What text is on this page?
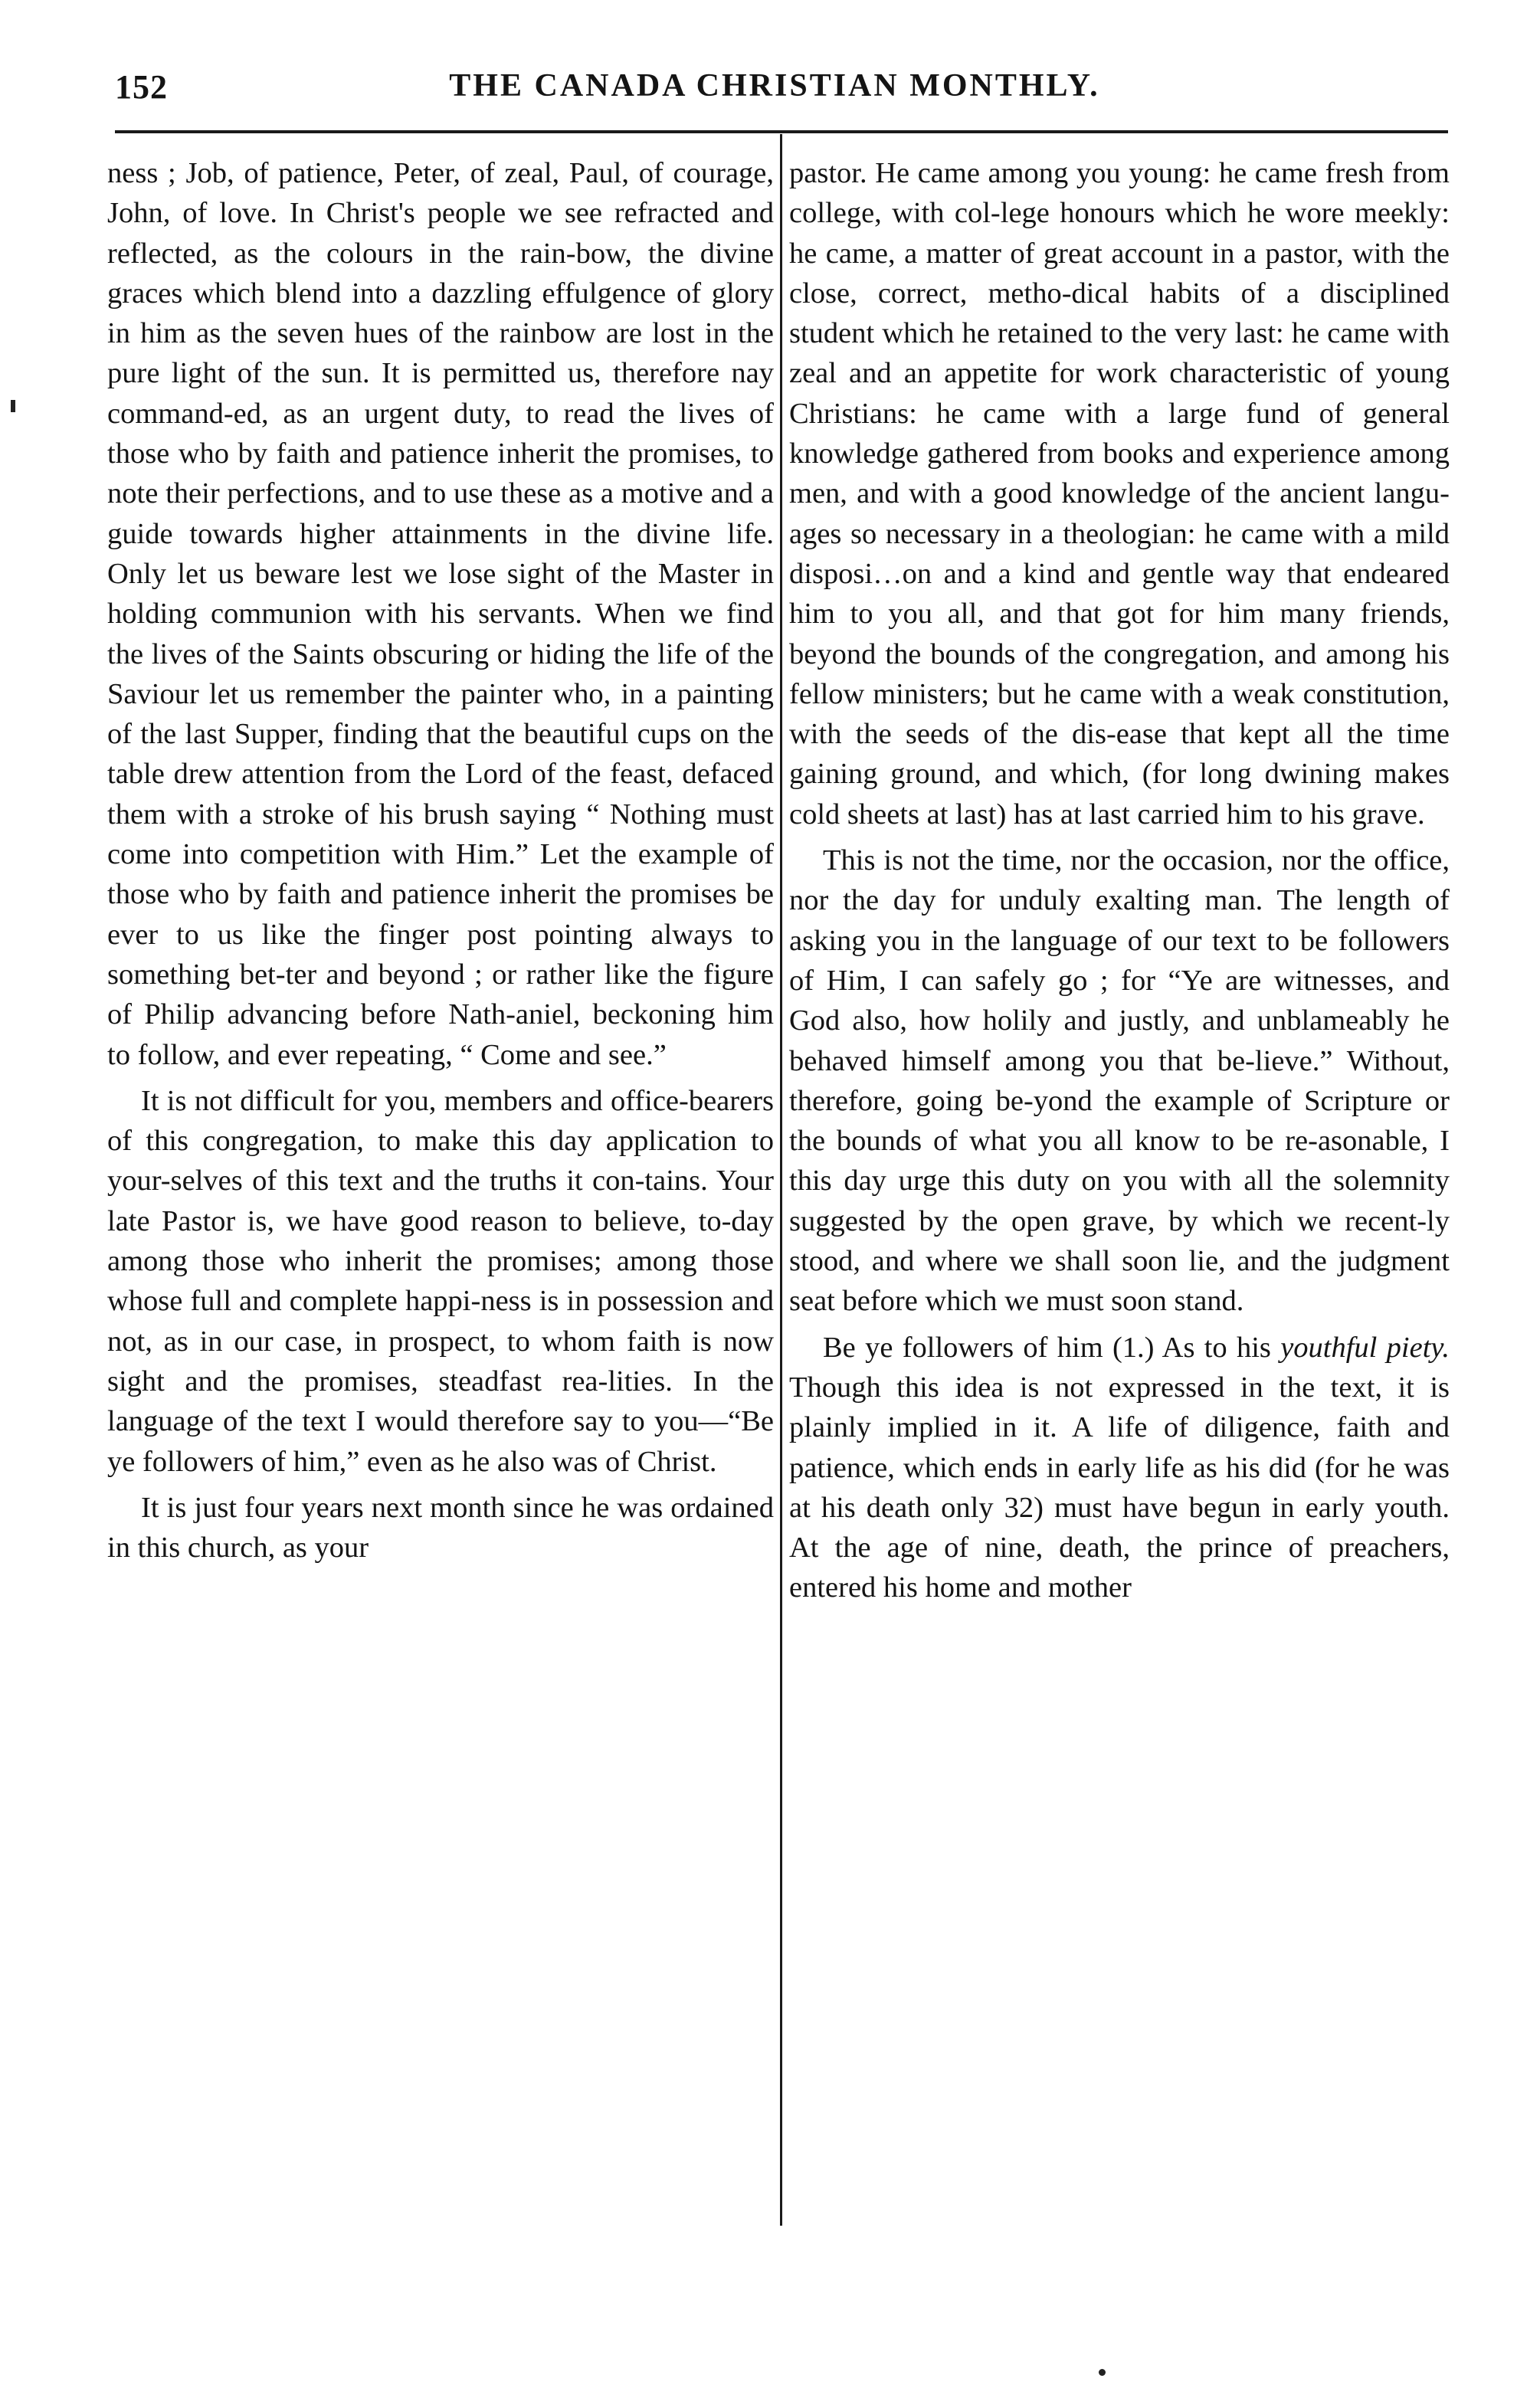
152	THE CANADA CHRISTIAN MONTHLY.

ness ; Job, of patience, Peter, of zeal, Paul, of courage, John, of love. In Christ's people we see refracted and reflected, as the colours in the rain-bow, the divine graces which blend into a dazzling effulgence of glory in him as the seven hues of the rainbow are lost in the pure light of the sun. It is permitted us, therefore nay command-ed, as an urgent duty, to read the lives of those who by faith and patience inherit the promises, to note their perfections, and to use these as a motive and a guide towards higher attainments in the divine life. Only let us beware lest we lose sight of the Master in holding communion with his servants. When we find the lives of the Saints obscuring or hiding the life of the Saviour let us remember the painter who, in a painting of the last Supper, finding that the beautiful cups on the table drew attention from the Lord of the feast, defaced them with a stroke of his brush saying “ Nothing must come into competition with Him.” Let the example of those who by faith and patience inherit the promises be ever to us like the finger post pointing always to something bet-ter and beyond ; or rather like the figure of Philip advancing before Nath-aniel, beckoning him to follow, and ever repeating, “ Come and see.”

It is not difficult for you, members and office-bearers of this congregation, to make this day application to your-selves of this text and the truths it con-tains. Your late Pastor is, we have good reason to believe, to-day among those who inherit the promises; among those whose full and complete happi-ness is in possession and not, as in our case, in prospect, to whom faith is now sight and the promises, steadfast rea-lities. In the language of the text I would therefore say to you—“Be ye followers of him,” even as he also was of Christ.

It is just four years next month since he was ordained in this church, as your

pastor. He came among you young: he came fresh from college, with col-lege honours which he wore meekly: he came, a matter of great account in a pastor, with the close, correct, metho-dical habits of a disciplined student which he retained to the very last: he came with zeal and an appetite for work characteristic of young Christians: he came with a large fund of general knowledge gathered from books and experience among men, and with a good knowledge of the ancient langu-ages so necessary in a theologian: he came with a mild disposi…on and a kind and gentle way that endeared him to you all, and that got for him many friends, beyond the bounds of the congregation, and among his fellow ministers; but he came with a weak constitution, with the seeds of the dis-ease that kept all the time gaining ground, and which, (for long dwining makes cold sheets at last) has at last carried him to his grave.

This is not the time, nor the occasion, nor the office, nor the day for unduly exalting man. The length of asking you in the language of our text to be followers of Him, I can safely go ; for “Ye are witnesses, and God also, how holily and justly, and unblameably he behaved himself among you that be-lieve.” Without, therefore, going be-yond the example of Scripture or the bounds of what you all know to be re-asonable, I this day urge this duty on you with all the solemnity suggested by the open grave, by which we recent-ly stood, and where we shall soon lie, and the judgment seat before which we must soon stand.

Be ye followers of him (1.) As to his youthful piety. Though this idea is not expressed in the text, it is plainly implied in it. A life of diligence, faith and patience, which ends in early life as his did (for he was at his death only 32) must have begun in early youth. At the age of nine, death, the prince of preachers, entered his home and mother
